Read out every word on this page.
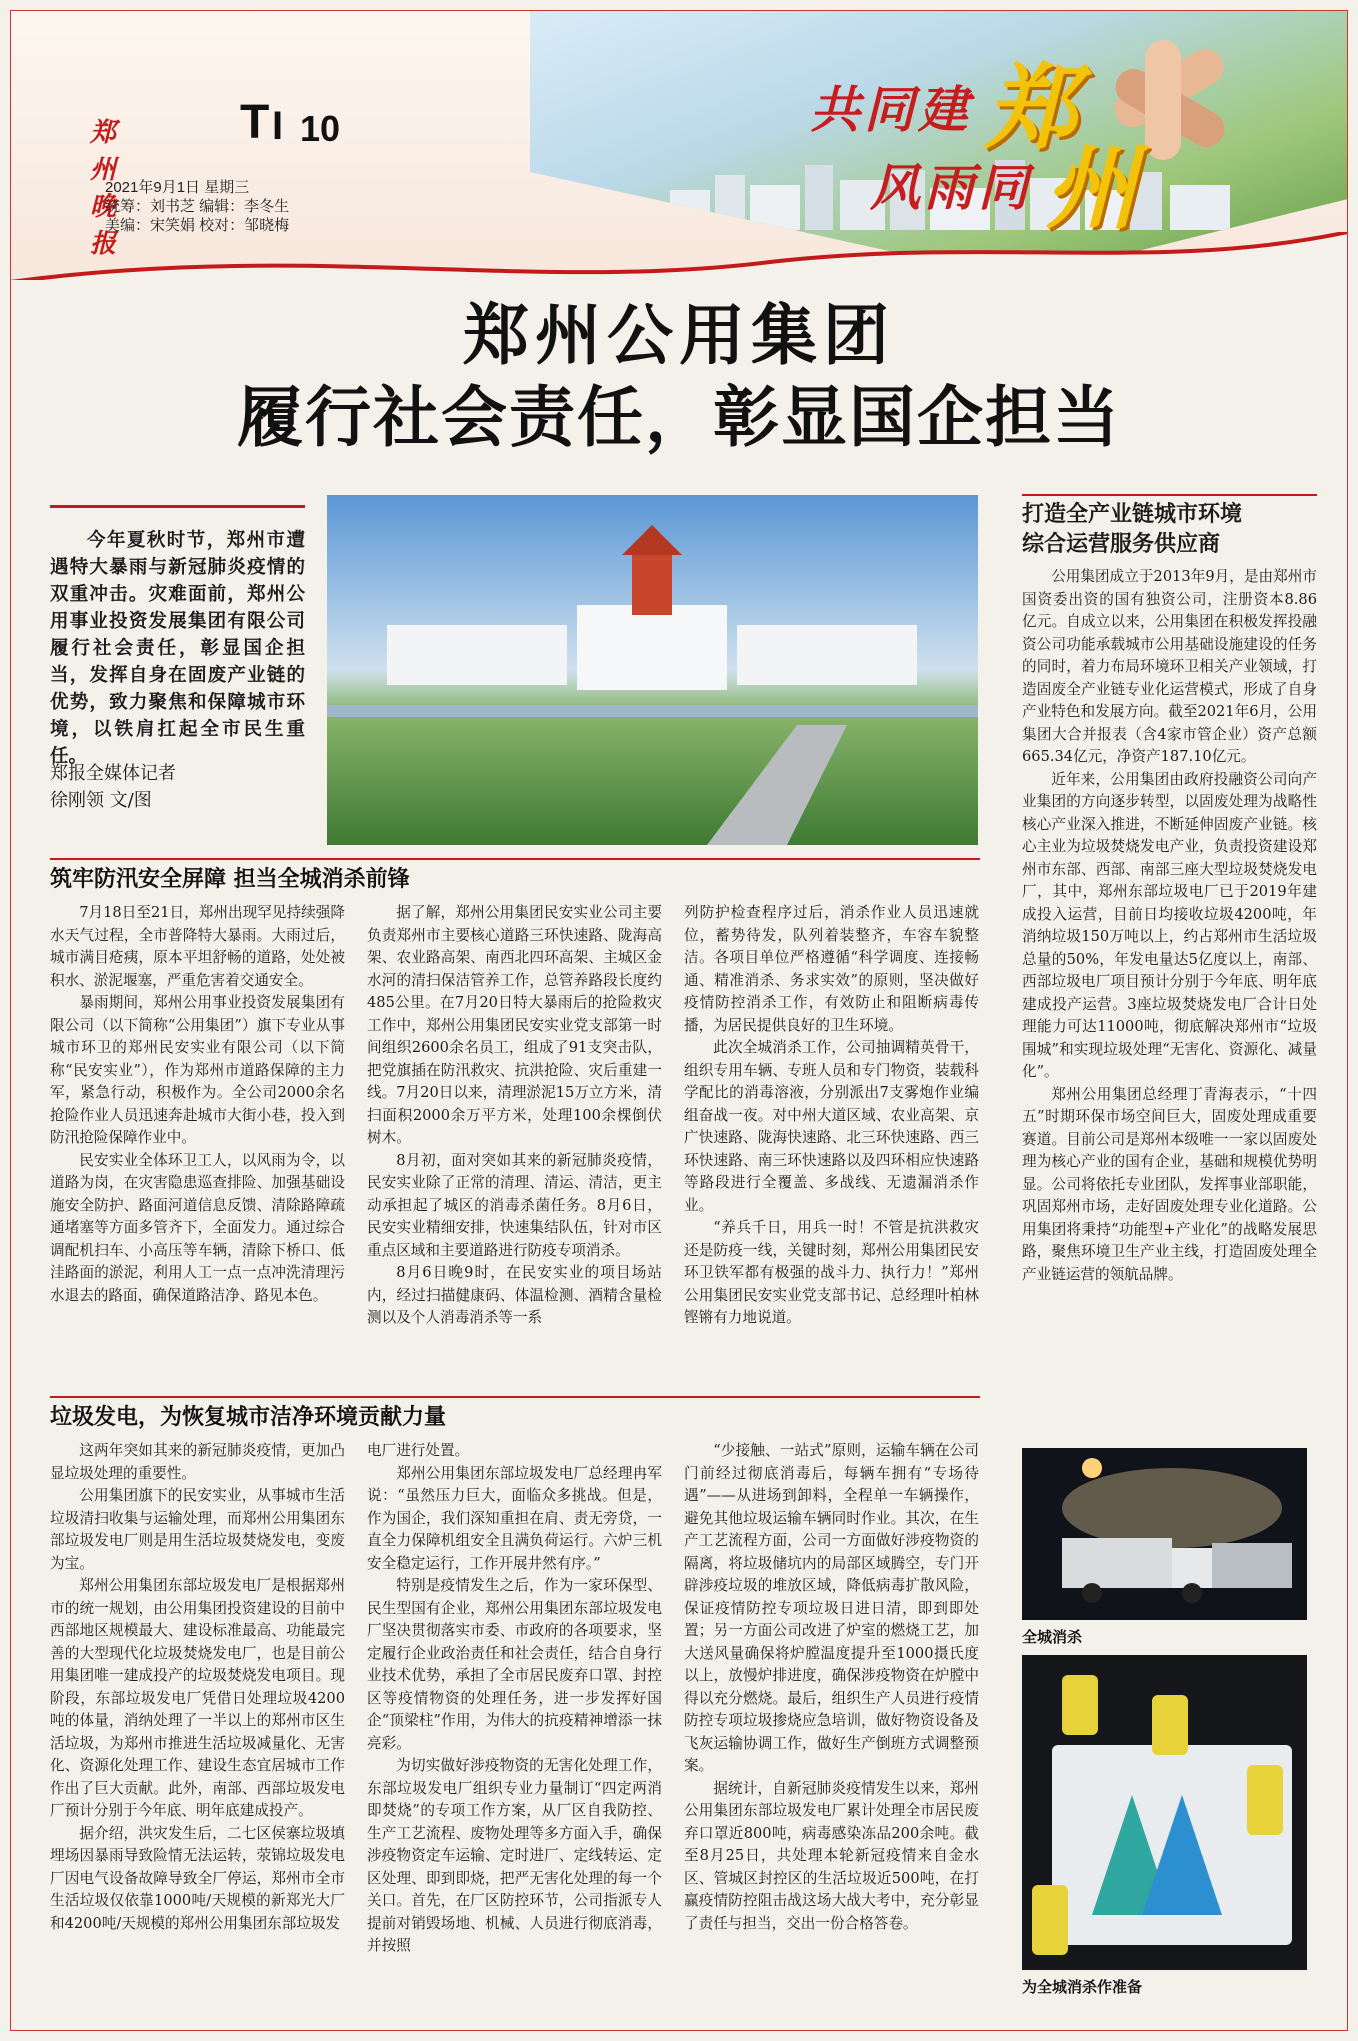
郑州晚报
T I 10
2021年9月1日 星期三
统筹：刘书芝 编辑：李冬生
美编：宋笑娟 校对：邹晓梅
共同建 郑
风雨同 州
郑州公用集团
履行社会责任，彰显国企担当
今年夏秋时节，郑州市遭遇特大暴雨与新冠肺炎疫情的双重冲击。灾难面前，郑州公用事业投资发展集团有限公司履行社会责任，彰显国企担当，发挥自身在固废产业链的优势，致力聚焦和保障城市环境，以铁肩扛起全市民生重任。
郑报全媒体记者
徐刚领 文/图
筑牢防汛安全屏障 担当全城消杀前锋

7月18日至21日，郑州出现罕见持续强降水天气过程，全市普降特大暴雨。大雨过后，城市满目疮痍，原本平坦舒畅的道路，处处被积水、淤泥堰塞，严重危害着交通安全。

暴雨期间，郑州公用事业投资发展集团有限公司（以下简称“公用集团”）旗下专业从事城市环卫的郑州民安实业有限公司（以下简称“民安实业”），作为郑州市道路保障的主力军，紧急行动，积极作为。全公司2000余名抢险作业人员迅速奔赴城市大街小巷，投入到防汛抢险保障作业中。

民安实业全体环卫工人，以风雨为令，以道路为岗，在灾害隐患巡查排险、加强基础设施安全防护、路面河道信息反馈、清除路障疏通堵塞等方面多管齐下，全面发力。通过综合调配机扫车、小高压等车辆，清除下桥口、低洼路面的淤泥，利用人工一点一点冲洗清理污水退去的路面，确保道路洁净、路见本色。

据了解，郑州公用集团民安实业公司主要负责郑州市主要核心道路三环快速路、陇海高架、农业路高架、南西北四环高架、主城区金水河的清扫保洁管养工作，总管养路段长度约485公里。在7月20日特大暴雨后的抢险救灾工作中，郑州公用集团民安实业党支部第一时间组织2600余名员工，组成了91支突击队，把党旗插在防汛救灾、抗洪抢险、灾后重建一线。7月20日以来，清理淤泥15万立方米，清扫面积2000余万平方米，处理100余棵倒伏树木。

8月初，面对突如其来的新冠肺炎疫情，民安实业除了正常的清理、清运、清洁，更主动承担起了城区的消毒杀菌任务。8月6日，民安实业精细安排，快速集结队伍，针对市区重点区域和主要道路进行防疫专项消杀。

8月6日晚9时，在民安实业的项目场站内，经过扫描健康码、体温检测、酒精含量检测以及个人消毒消杀等一系

列防护检查程序过后，消杀作业人员迅速就位，蓄势待发，队列着装整齐，车容车貌整洁。各项目单位严格遵循“科学调度、连接畅通、精准消杀、务求实效”的原则，坚决做好疫情防控消杀工作，有效防止和阻断病毒传播，为居民提供良好的卫生环境。

此次全城消杀工作，公司抽调精英骨干，组织专用车辆、专班人员和专门物资，装载科学配比的消毒溶液，分别派出7支雾炮作业编组奋战一夜。对中州大道区域、农业高架、京广快速路、陇海快速路、北三环快速路、西三环快速路、南三环快速路以及四环相应快速路等路段进行全覆盖、多战线、无遗漏消杀作业。

“养兵千日，用兵一时！不管是抗洪救灾还是防疫一线，关键时刻，郑州公用集团民安环卫铁军都有极强的战斗力、执行力！”郑州公用集团民安实业党支部书记、总经理叶柏林铿锵有力地说道。

垃圾发电，为恢复城市洁净环境贡献力量

这两年突如其来的新冠肺炎疫情，更加凸显垃圾处理的重要性。

公用集团旗下的民安实业，从事城市生活垃圾清扫收集与运输处理，而郑州公用集团东部垃圾发电厂则是用生活垃圾焚烧发电，变废为宝。

郑州公用集团东部垃圾发电厂是根据郑州市的统一规划，由公用集团投资建设的目前中西部地区规模最大、建设标准最高、功能最完善的大型现代化垃圾焚烧发电厂，也是目前公用集团唯一建成投产的垃圾焚烧发电项目。现阶段，东部垃圾发电厂凭借日处理垃圾4200吨的体量，消纳处理了一半以上的郑州市区生活垃圾，为郑州市推进生活垃圾减量化、无害化、资源化处理工作、建设生态宜居城市工作作出了巨大贡献。此外，南部、西部垃圾发电厂预计分别于今年底、明年底建成投产。

据介绍，洪灾发生后，二七区侯寨垃圾填埋场因暴雨导致险情无法运转，荥锦垃圾发电厂因电气设备故障导致全厂停运，郑州市全市生活垃圾仅依靠1000吨/天规模的新郑光大厂和4200吨/天规模的郑州公用集团东部垃圾发

电厂进行处置。

郑州公用集团东部垃圾发电厂总经理冉军说：“虽然压力巨大，面临众多挑战。但是，作为国企，我们深知重担在肩、责无旁贷，一直全力保障机组安全且满负荷运行。六炉三机安全稳定运行，工作开展井然有序。”

特别是疫情发生之后，作为一家环保型、民生型国有企业，郑州公用集团东部垃圾发电厂坚决贯彻落实市委、市政府的各项要求，坚定履行企业政治责任和社会责任，结合自身行业技术优势，承担了全市居民废弃口罩、封控区等疫情物资的处理任务，进一步发挥好国企“顶梁柱”作用，为伟大的抗疫精神增添一抹亮彩。

为切实做好涉疫物资的无害化处理工作，东部垃圾发电厂组织专业力量制订“四定两消即焚烧”的专项工作方案，从厂区自我防控、生产工艺流程、废物处理等多方面入手，确保涉疫物资定车运输、定时进厂、定线转运、定区处理、即到即烧，把严无害化处理的每一个关口。首先，在厂区防控环节，公司指派专人提前对销毁场地、机械、人员进行彻底消毒，并按照

“少接触、一站式”原则，运输车辆在公司门前经过彻底消毒后，每辆车拥有“专场待遇”——从进场到卸料，全程单一车辆操作，避免其他垃圾运输车辆同时作业。其次，在生产工艺流程方面，公司一方面做好涉疫物资的隔离，将垃圾储坑内的局部区域腾空，专门开辟涉疫垃圾的堆放区域，降低病毒扩散风险，保证疫情防控专项垃圾日进日清，即到即处置；另一方面公司改进了炉室的燃烧工艺，加大送风量确保将炉膛温度提升至1000摄氏度以上，放慢炉排进度，确保涉疫物资在炉膛中得以充分燃烧。最后，组织生产人员进行疫情防控专项垃圾掺烧应急培训，做好物资设备及飞灰运输协调工作，做好生产倒班方式调整预案。

据统计，自新冠肺炎疫情发生以来，郑州公用集团东部垃圾发电厂累计处理全市居民废弃口罩近800吨，病毒感染冻品200余吨。截至8月25日，共处理本轮新冠疫情来自金水区、管城区封控区的生活垃圾近500吨，在打赢疫情防控阻击战这场大战大考中，充分彰显了责任与担当，交出一份合格答卷。

打造全产业链城市环境
综合运营服务供应商

公用集团成立于2013年9月，是由郑州市国资委出资的国有独资公司，注册资本8.86亿元。自成立以来，公用集团在积极发挥投融资公司功能承载城市公用基础设施建设的任务的同时，着力布局环境环卫相关产业领域，打造固废全产业链专业化运营模式，形成了自身产业特色和发展方向。截至2021年6月，公用集团大合并报表（含4家市管企业）资产总额665.34亿元，净资产187.10亿元。

近年来，公用集团由政府投融资公司向产业集团的方向逐步转型，以固废处理为战略性核心产业深入推进，不断延伸固废产业链。核心主业为垃圾焚烧发电产业，负责投资建设郑州市东部、西部、南部三座大型垃圾焚烧发电厂，其中，郑州东部垃圾电厂已于2019年建成投入运营，目前日均接收垃圾4200吨，年消纳垃圾150万吨以上，约占郑州市生活垃圾总量的50%，年发电量达5亿度以上，南部、西部垃圾电厂项目预计分别于今年底、明年底建成投产运营。3座垃圾焚烧发电厂合计日处理能力可达11000吨，彻底解决郑州市“垃圾围城”和实现垃圾处理“无害化、资源化、减量化”。

郑州公用集团总经理丁青海表示，“十四五”时期环保市场空间巨大，固废处理成重要赛道。目前公司是郑州本级唯一一家以固废处理为核心产业的国有企业，基础和规模优势明显。公司将依托专业团队，发挥事业部职能，巩固郑州市场，走好固废处理专业化道路。公用集团将秉持“功能型+产业化”的战略发展思路，聚焦环境卫生产业主线，打造固废处理全产业链运营的领航品牌。

全城消杀
为全城消杀作准备
